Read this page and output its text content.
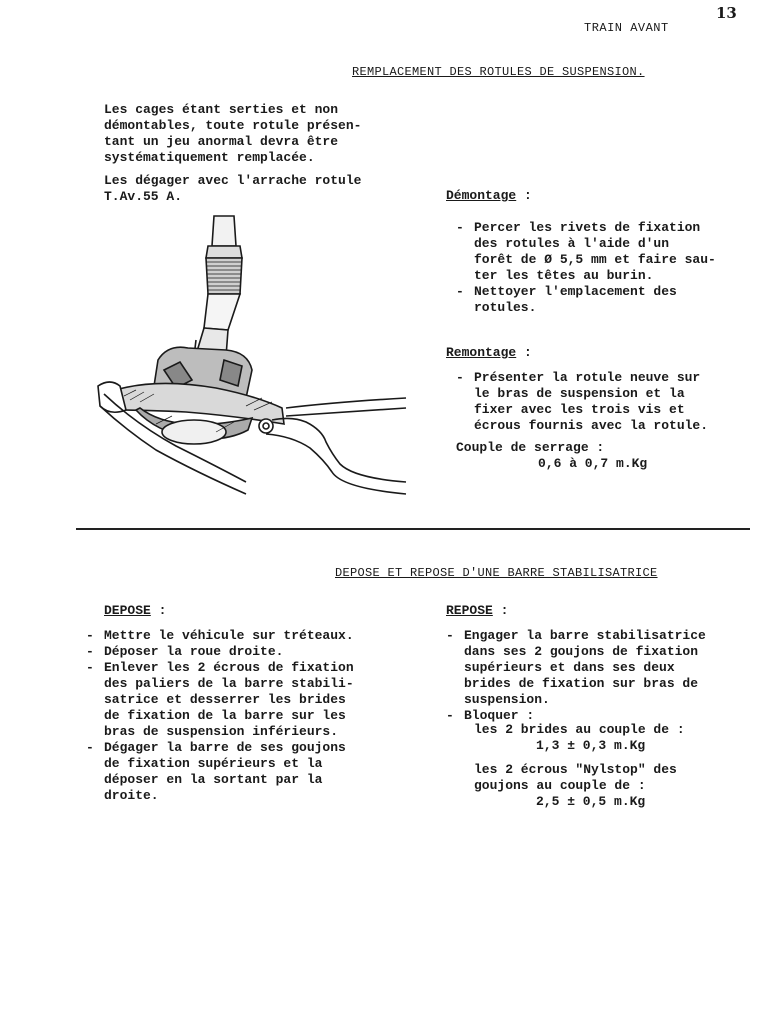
13
TRAIN AVANT
REMPLACEMENT DES ROTULES DE SUSPENSION.
Les cages étant serties et non
démontables, toute rotule présen-
tant un jeu anormal devra être
systématiquement remplacée.
Les dégager avec l'arrache rotule
T.Av.55 A.	Démontage :
- Percer les rivets de fixation
des rotules à l'aide d'un
forêt de Ø 5,5 mm et faire sau-
ter les têtes au burin.
- Nettoyer l'emplacement des
rotules.
Remontage :
- Présenter la rotule neuve sur
le bras de suspension et la
fixer avec les trois vis et
écrous fournis avec la rotule.
Couple de serrage :
0,6 à 0,7 m.Kg
DEPOSE ET REPOSE D'UNE BARRE STABILISATRICE
DEPOSE :
- Mettre le véhicule sur tréteaux.
- Déposer la roue droite.
- Enlever les 2 écrous de fixation
des paliers de la barre stabili-
satrice et desserrer les brides
de fixation de la barre sur les
bras de suspension inférieurs.
- Dégager la barre de ses goujons
de fixation supérieurs et la
déposer en la sortant par la
droite.
REPOSE :
- Engager la barre stabilisatrice
dans ses 2 goujons de fixation
supérieurs et dans ses deux
brides de fixation sur bras de
suspension.
- Bloquer :
les 2 brides au couple de :
1,3 ± 0,3 m.Kg
les 2 écrous "Nylstop" des
goujons au couple de :
2,5 ± 0,5 m.Kg
